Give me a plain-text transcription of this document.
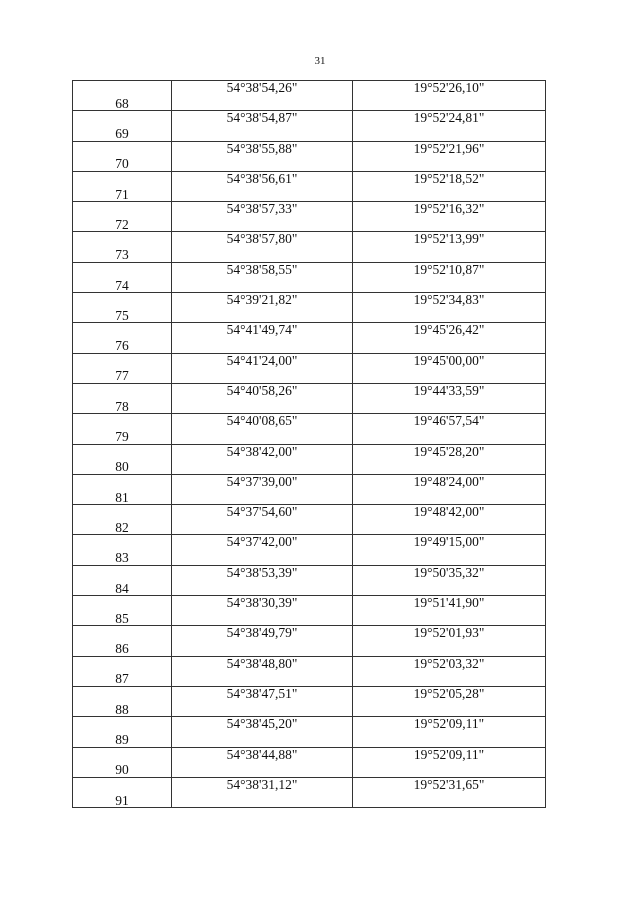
31
68	54°38'54,26"	19°52'26,10"
69	54°38'54,87"	19°52'24,81"
70	54°38'55,88"	19°52'21,96"
71	54°38'56,61"	19°52'18,52"
72	54°38'57,33"	19°52'16,32"
73	54°38'57,80"	19°52'13,99"
74	54°38'58,55"	19°52'10,87"
75	54°39'21,82"	19°52'34,83"
76	54°41'49,74"	19°45'26,42"
77	54°41'24,00"	19°45'00,00"
78	54°40'58,26"	19°44'33,59"
79	54°40'08,65"	19°46'57,54"
80	54°38'42,00"	19°45'28,20"
81	54°37'39,00"	19°48'24,00"
82	54°37'54,60"	19°48'42,00"
83	54°37'42,00"	19°49'15,00"
84	54°38'53,39"	19°50'35,32"
85	54°38'30,39"	19°51'41,90"
86	54°38'49,79"	19°52'01,93"
87	54°38'48,80"	19°52'03,32"
88	54°38'47,51"	19°52'05,28"
89	54°38'45,20"	19°52'09,11"
90	54°38'44,88"	19°52'09,11"
91	54°38'31,12"	19°52'31,65"
